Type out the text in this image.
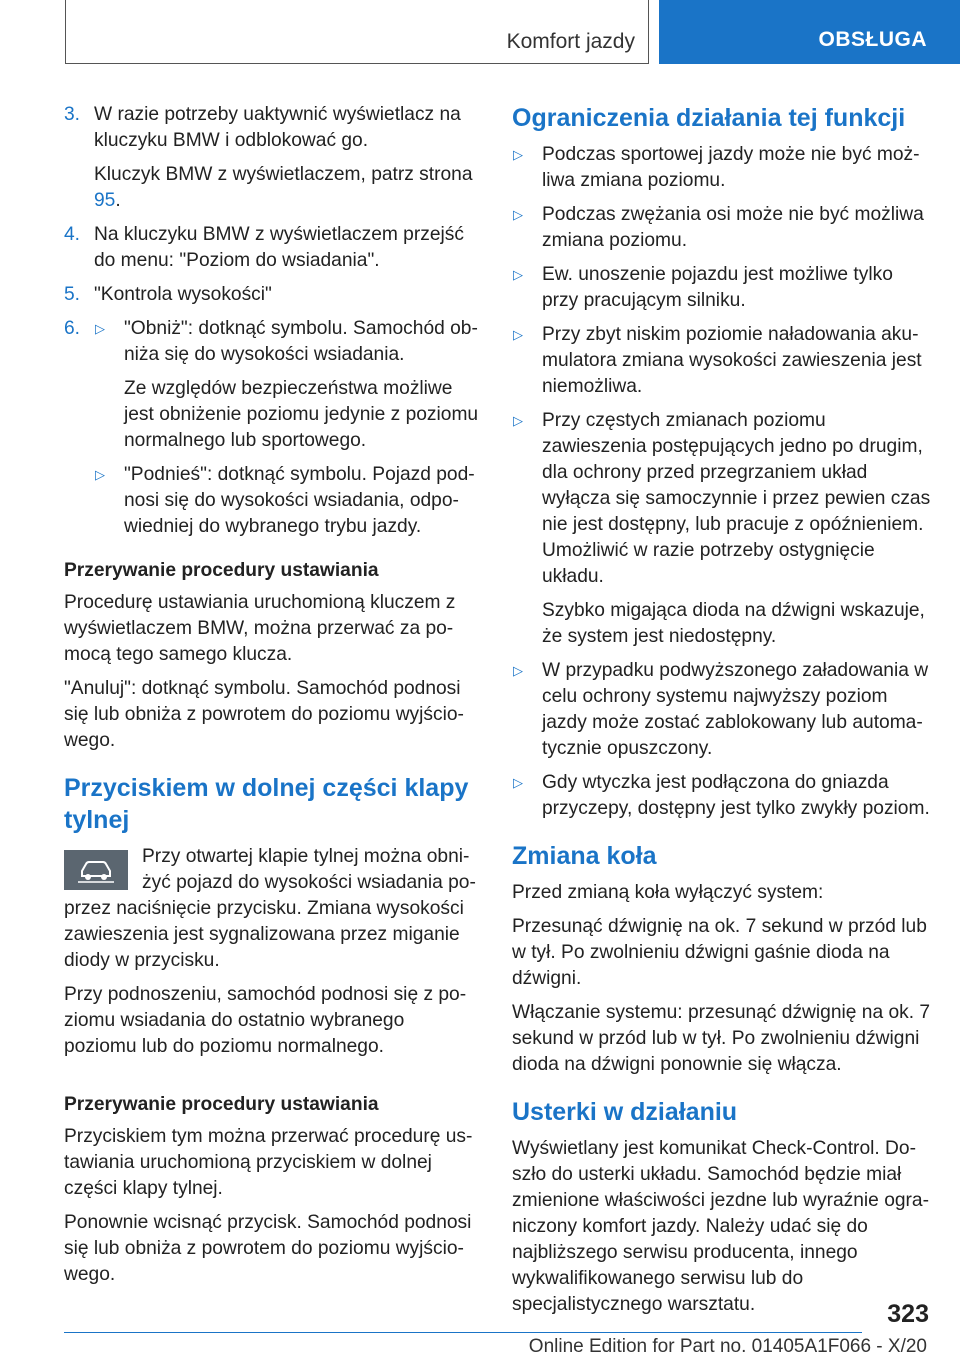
Komfort jazdy	OBSŁUGA
3. W razie potrzeby uaktywnić wyświetlacz na kluczyku BMW i odblokować go.
Kluczyk BMW z wyświetlaczem, patrz strona 95.
4. Na kluczyku BMW z wyświetlaczem przejść do menu: "Poziom do wsiadania".
5. "Kontrola wysokości"
6. ▷ "Obniż": dotknąć symbolu. Samochód obniża się do wysokości wsiadania.
Ze względów bezpieczeństwa możliwe jest obniżenie poziomu jedynie z poziomu normalnego lub sportowego.
▷ "Podnieś": dotknąć symbolu. Pojazd podnosi się do wysokości wsiadania, odpowiedniej do wybranego trybu jazdy.
Przerywanie procedury ustawiania

Procedurę ustawiania uruchomioną kluczem z wyświetlaczem BMW, można przerwać za pomocą tego samego klucza.

"Anuluj": dotknąć symbolu. Samochód podnosi się lub obniża z powrotem do poziomu wyjściowego.

Przyciskiem w dolnej części klapy tylnej

Przy otwartej klapie tylnej można obniżyć pojazd do wysokości wsiadania poprzez naciśnięcie przycisku. Zmiana wysokości zawieszenia jest sygnalizowana przez miganie diody w przycisku.

Przy podnoszeniu, samochód podnosi się z poziomu wsiadania do ostatnio wybranego poziomu lub do poziomu normalnego.

Przerywanie procedury ustawiania

Przyciskiem tym można przerwać procedurę ustawiania uruchomioną przyciskiem w dolnej części klapy tylnej.

Ponownie wcisnąć przycisk. Samochód podnosi się lub obniża z powrotem do poziomu wyjściowego.

Ograniczenia działania tej funkcji
▷ Podczas sportowej jazdy może nie być możliwa zmiana poziomu.
▷ Podczas zwężania osi może nie być możliwa zmiana poziomu.
▷ Ew. unoszenie pojazdu jest możliwe tylko przy pracującym silniku.
▷ Przy zbyt niskim poziomie naładowania akumulatora zmiana wysokości zawieszenia jest niemożliwa.
▷ Przy częstych zmianach poziomu zawieszenia postępujących jedno po drugim, dla ochrony przed przegrzaniem układ wyłącza się samoczynnie i przez pewien czas nie jest dostępny, lub pracuje z opóźnieniem. Umożliwić w razie potrzeby ostygnięcie układu.
Szybko migająca dioda na dźwigni wskazuje, że system jest niedostępny.
▷ W przypadku podwyższonego załadowania w celu ochrony systemu najwyższy poziom jazdy może zostać zablokowany lub automatycznie opuszczony.
▷ Gdy wtyczka jest podłączona do gniazda przyczepy, dostępny jest tylko zwykły poziom.
Zmiana koła

Przed zmianą koła wyłączyć system:

Przesunąć dźwignię na ok. 7 sekund w przód lub w tył. Po zwolnieniu dźwigni gaśnie dioda na dźwigni.

Włączanie systemu: przesunąć dźwignię na ok. 7 sekund w przód lub w tył. Po zwolnieniu dźwigni dioda na dźwigni ponownie się włącza.

Usterki w działaniu

Wyświetlany jest komunikat Check-Control. Doszło do usterki układu. Samochód będzie miał zmienione właściwości jezdne lub wyraźnie ograniczony komfort jazdy. Należy udać się do najbliższego serwisu producenta, innego wykwalifikowanego serwisu lub do specjalistycznego warsztatu.	323
Online Edition for Part no. 01405A1F066 - X/20
